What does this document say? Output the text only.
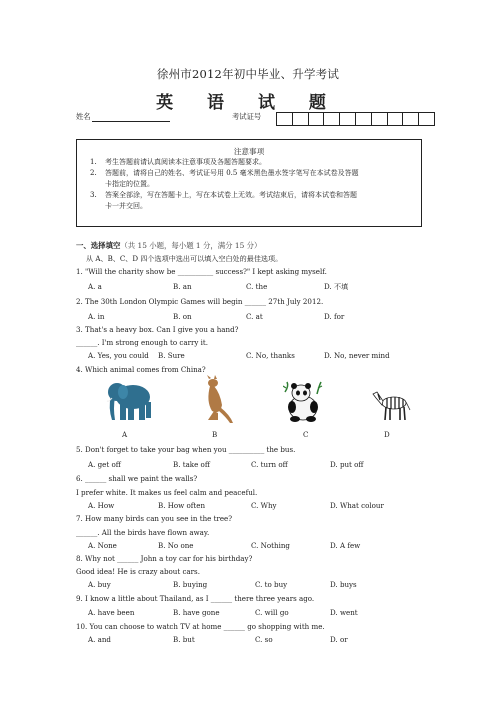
徐州市2012年初中毕业、升学考试
英 语 试 题
姓名	考试证号
注意事项
1. 考生答题前请认真阅读本注意事项及各题答题要求。
2. 答题前，请将自己的姓名、考试证号用 0.5 毫米黑色墨水签字笔写在本试卷及答题
卡指定的位置。
3. 答案全部涂，写在答题卡上，写在本试卷上无效。考试结束后，请将本试卷和答题
卡一并交回。
一、选择填空（共 15 小题，每小题 1 分，满分 15 分）
从 A、B、C、D 四个选项中选出可以填入空白处的最佳选项。
1. "Will the charity show be __________ success?" I kept asking myself.
A. a	B. an	C. the	D. 不填
2. The 30th London Olympic Games will begin ______ 27th July 2012.
A. in	B. on	C. at	D. for
3. That's a heavy box. Can I give you a hand?
______. I'm strong enough to carry it.
A. Yes, you could B. Sure	C. No, thanks	D. No, never mind
4. Which animal comes from China?
A	B	C	D
5. Don't forget to take your bag when you __________ the bus.
A. get off	B. take off	C. turn off	D. put off
6. ______ shall we paint the walls?
I prefer white. It makes us feel calm and peaceful.
A. How	B. How often	C. Why	D. What colour
7. How many birds can you see in the tree?
______. All the birds have flown away.
A. None	B. No one	C. Nothing	D. A few
8. Why not ______ John a toy car for his birthday?
Good idea! He is crazy about cars.
A. buy	B. buying	C. to buy	D. buys
9. I know a little about Thailand, as I ______ there three years ago.
A. have been	B. have gone	C. will go	D. went
10. You can choose to watch TV at home ______ go shopping with me.
A. and	B. but	C. so	D. or
